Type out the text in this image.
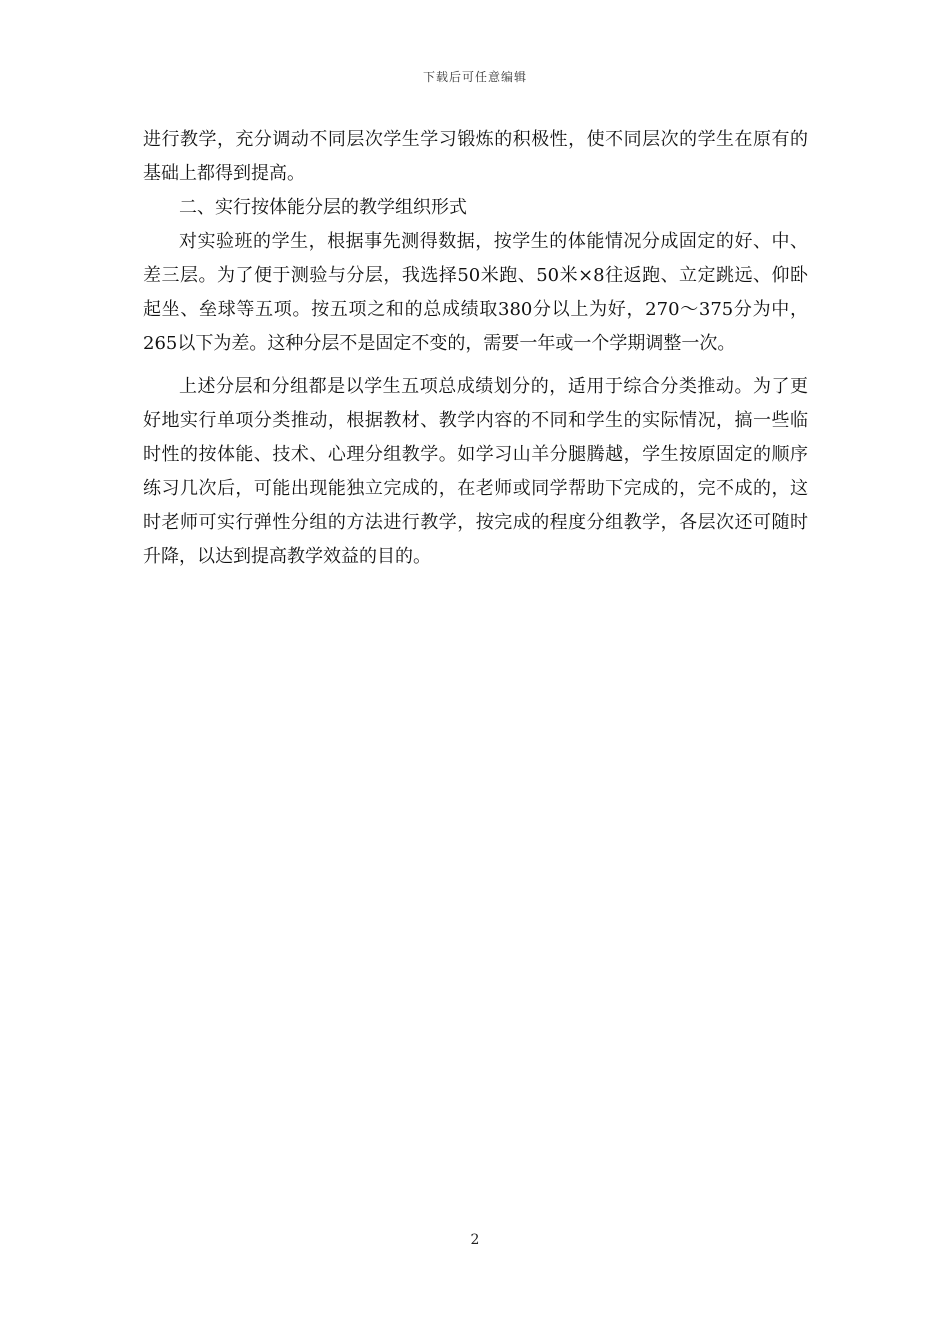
下载后可任意编辑

进行教学，充分调动不同层次学生学习锻炼的积极性，使不同层次的学生在原有的基础上都得到提高。

二、实行按体能分层的教学组织形式

对实验班的学生，根据事先测得数据，按学生的体能情况分成固定的好、中、差三层。为了便于测验与分层，我选择50米跑、50米×8往返跑、立定跳远、仰卧起坐、垒球等五项。按五项之和的总成绩取380分以上为好，270～375分为中，265以下为差。这种分层不是固定不变的，需要一年或一个学期调整一次。

上述分层和分组都是以学生五项总成绩划分的，适用于综合分类推动。为了更好地实行单项分类推动，根据教材、教学内容的不同和学生的实际情况，搞一些临时性的按体能、技术、心理分组教学。如学习山羊分腿腾越，学生按原固定的顺序练习几次后，可能出现能独立完成的，在老师或同学帮助下完成的，完不成的，这时老师可实行弹性分组的方法进行教学，按完成的程度分组教学，各层次还可随时升降，以达到提高教学效益的目的。

2
